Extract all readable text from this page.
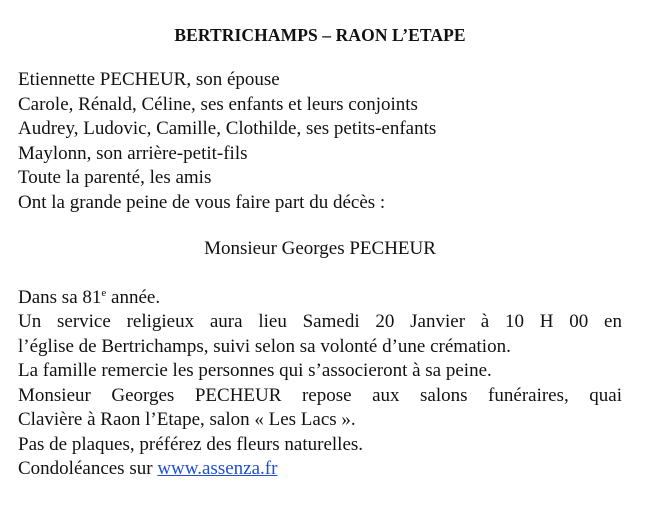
BERTRICHAMPS – RAON L’ETAPE

Etiennette PECHEUR, son épouse

Carole, Rénald, Céline, ses enfants et leurs conjoints

Audrey, Ludovic, Camille, Clothilde, ses petits-enfants

Maylonn, son arrière-petit-fils

Toute la parenté, les amis

Ont la grande peine de vous faire part du décès :

Monsieur Georges PECHEUR

Dans sa 81e année.

Un service religieux aura lieu Samedi 20 Janvier à 10 H 00 en

l’église de Bertrichamps, suivi selon sa volonté d’une crémation.

La famille remercie les personnes qui s’associeront à sa peine.

Monsieur Georges PECHEUR repose aux salons funéraires, quai

Clavière à Raon l’Etape, salon « Les Lacs ».

Pas de plaques, préférez des fleurs naturelles.

Condoléances sur www.assenza.fr
